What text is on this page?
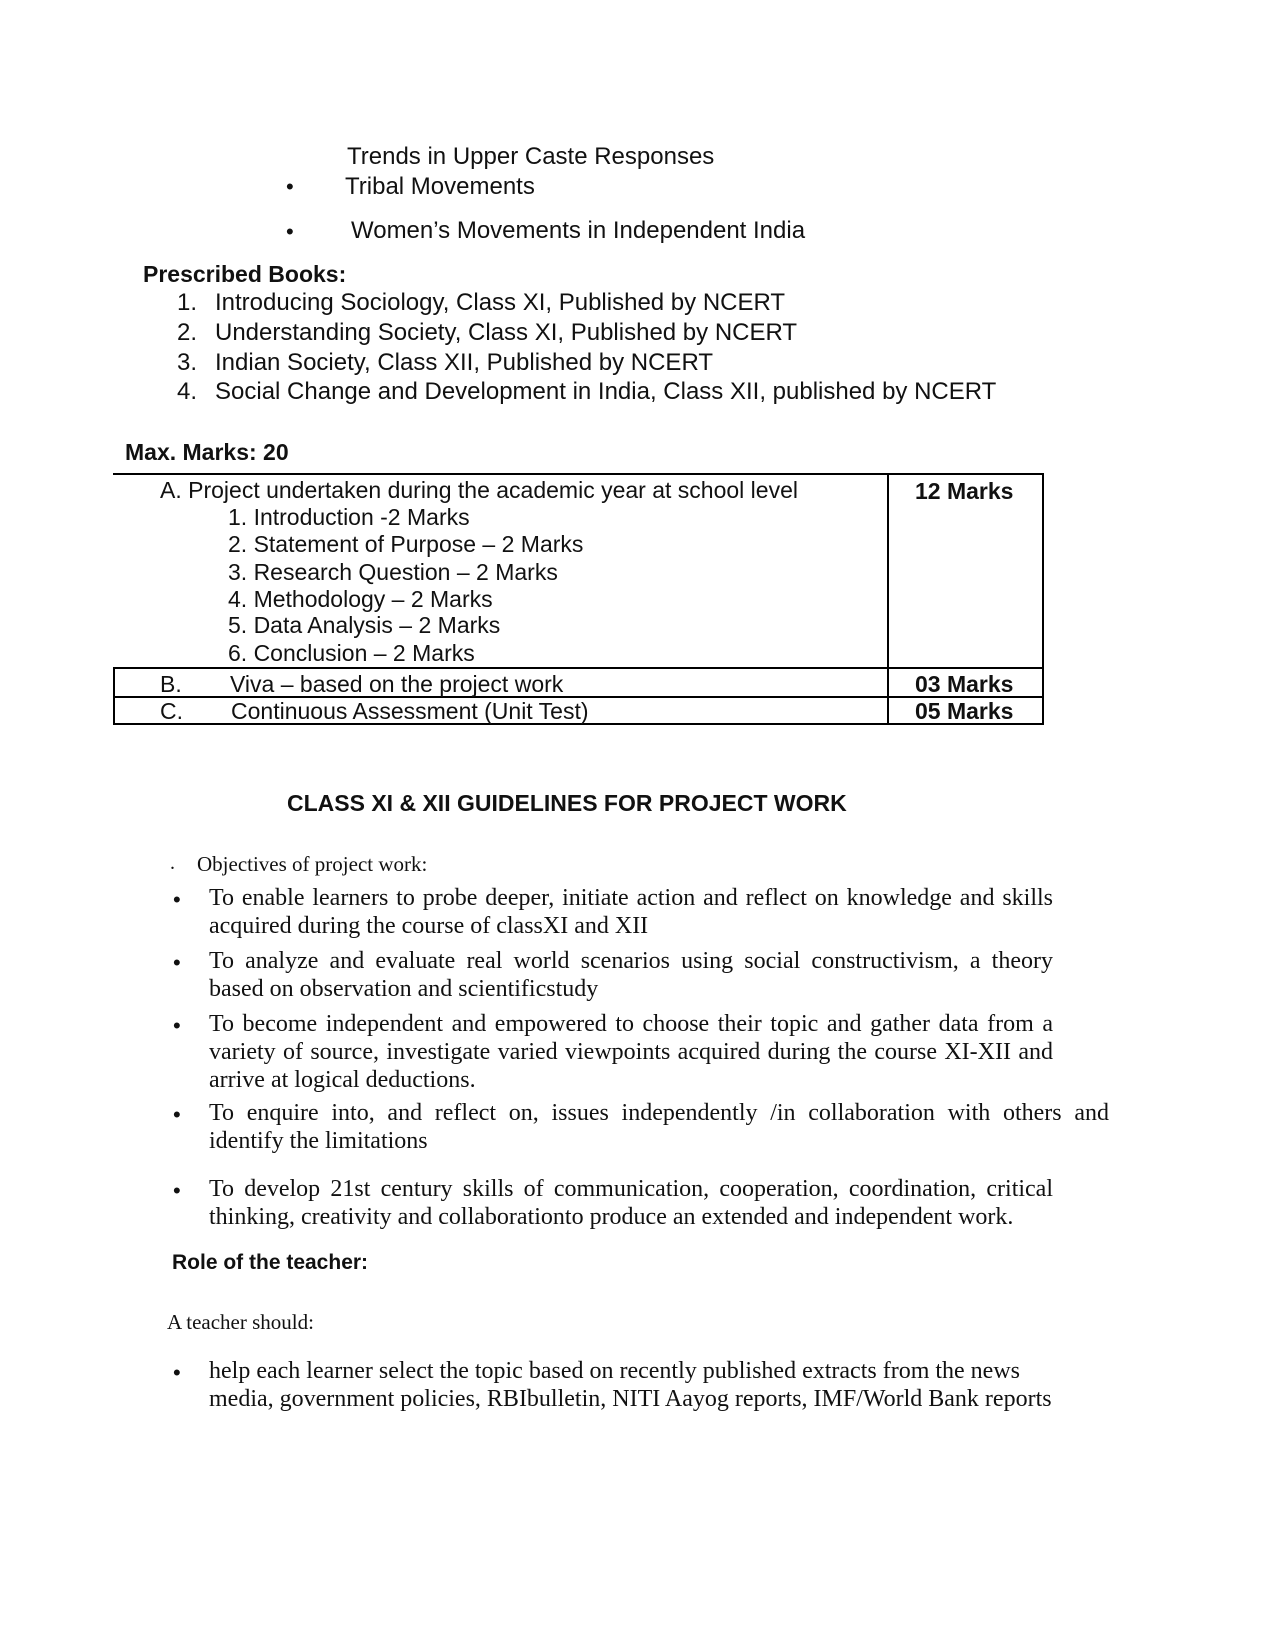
Trends in Upper Caste Responses
•
Tribal Movements
•
Women’s Movements in Independent India
Prescribed Books:
1. Introducing Sociology, Class XI, Published by NCERT
2. Understanding Society, Class XI, Published by NCERT
3. Indian Society, Class XII, Published by NCERT
4. Social Change and Development in India, Class XII, published by NCERT
Max. Marks: 20
A. Project undertaken during the academic year at school level	12 Marks
1. Introduction -2 Marks
2. Statement of Purpose – 2 Marks
3. Research Question – 2 Marks
4. Methodology – 2 Marks
5. Data Analysis – 2 Marks
6. Conclusion – 2 Marks
B. Viva – based on the project work	03 Marks
C. Continuous Assessment (Unit Test)	05 Marks
CLASS XI & XII GUIDELINES FOR PROJECT WORK
. Objectives of project work:
•
To enable learners to probe deeper, initiate action and reflect on knowledge and skills acquired during the course of classXI and XII
•
To analyze and evaluate real world scenarios using social constructivism, a theory based on observation and scientificstudy
•
To become independent and empowered to choose their topic and gather data from a variety of source, investigate varied viewpoints acquired during the course XI-XII and arrive at logical deductions.
•
To enquire into, and reflect on, issues independently /in collaboration with others and identify the limitations
•
To develop 21st century skills of communication, cooperation, coordination, critical thinking, creativity and collaborationto produce an extended and independent work.
Role of the teacher:
A teacher should:
•
help each learner select the topic based on recently published extracts from the news media, government policies, RBIbulletin, NITI Aayog reports, IMF/World Bank reports
